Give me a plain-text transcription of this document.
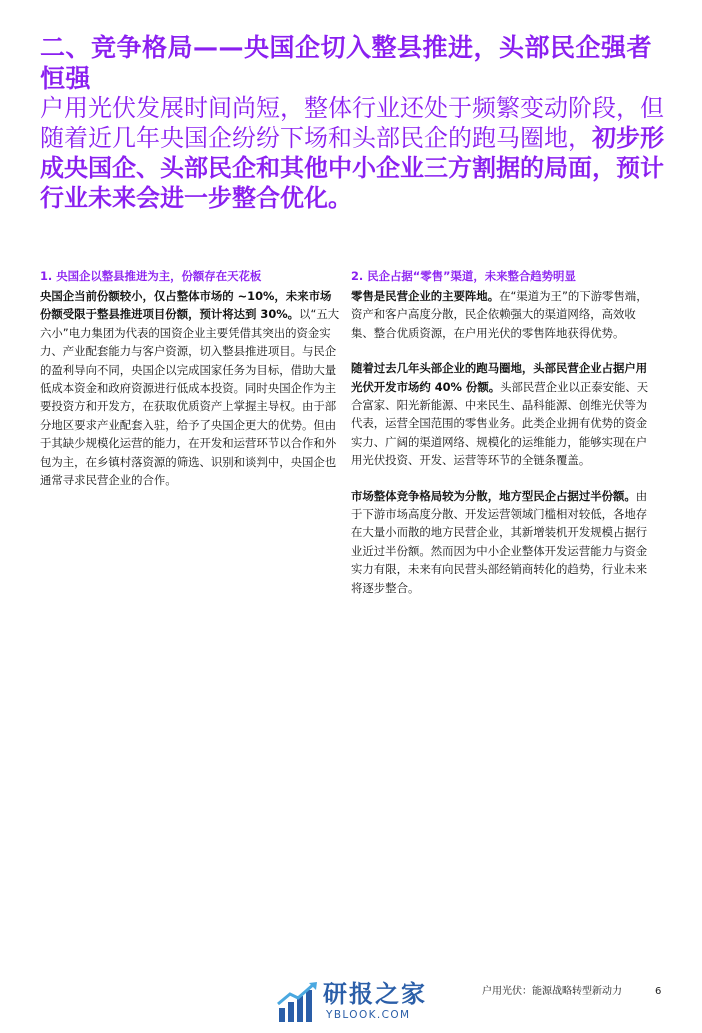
二、竞争格局——央国企切入整县推进，头部民企强者恒强

户用光伏发展时间尚短，整体行业还处于频繁变动阶段，但随着近几年央国企纷纷下场和头部民企的跑马圈地，初步形成央国企、头部民企和其他中小企业三方割据的局面，预计行业未来会进一步整合优化。

1. 央国企以整县推进为主，份额存在天花板

央国企当前份额较小，仅占整体市场的 ~10%，未来市场份额受限于整县推进项目份额，预计将达到 30%。以“五大六小”电力集团为代表的国资企业主要凭借其突出的资金实力、产业配套能力与客户资源，切入整县推进项目。与民企的盈利导向不同，央国企以完成国家任务为目标，借助大量低成本资金和政府资源进行低成本投资。同时央国企作为主要投资方和开发方，在获取优质资产上掌握主导权。由于部分地区要求产业配套入驻，给予了央国企更大的优势。但由于其缺少规模化运营的能力，在开发和运营环节以合作和外包为主，在乡镇村落资源的筛选、识别和谈判中，央国企也通常寻求民营企业的合作。

2. 民企占据“零售”渠道，未来整合趋势明显

零售是民营企业的主要阵地。在“渠道为王”的下游零售端，资产和客户高度分散，民企依赖强大的渠道网络，高效收集、整合优质资源，在户用光伏的零售阵地获得优势。

随着过去几年头部企业的跑马圈地，头部民营企业占据户用光伏开发市场约 40% 份额。头部民营企业以正泰安能、天合富家、阳光新能源、中来民生、晶科能源、创维光伏等为代表，运营全国范围的零售业务。此类企业拥有优势的资金实力、广阔的渠道网络、规模化的运维能力，能够实现在户用光伏投资、开发、运营等环节的全链条覆盖。

市场整体竞争格局较为分散，地方型民企占据过半份额。由于下游市场高度分散、开发运营领域门槛相对较低，各地存在大量小而散的地方民营企业，其新增装机开发规模占据行业近过半份额。然而因为中小企业整体开发运营能力与资金实力有限，未来有向民营头部经销商转化的趋势，行业未来将逐步整合。

研报之家
YBLOOK.COM
户用光伏：能源战略转型新动力	6
